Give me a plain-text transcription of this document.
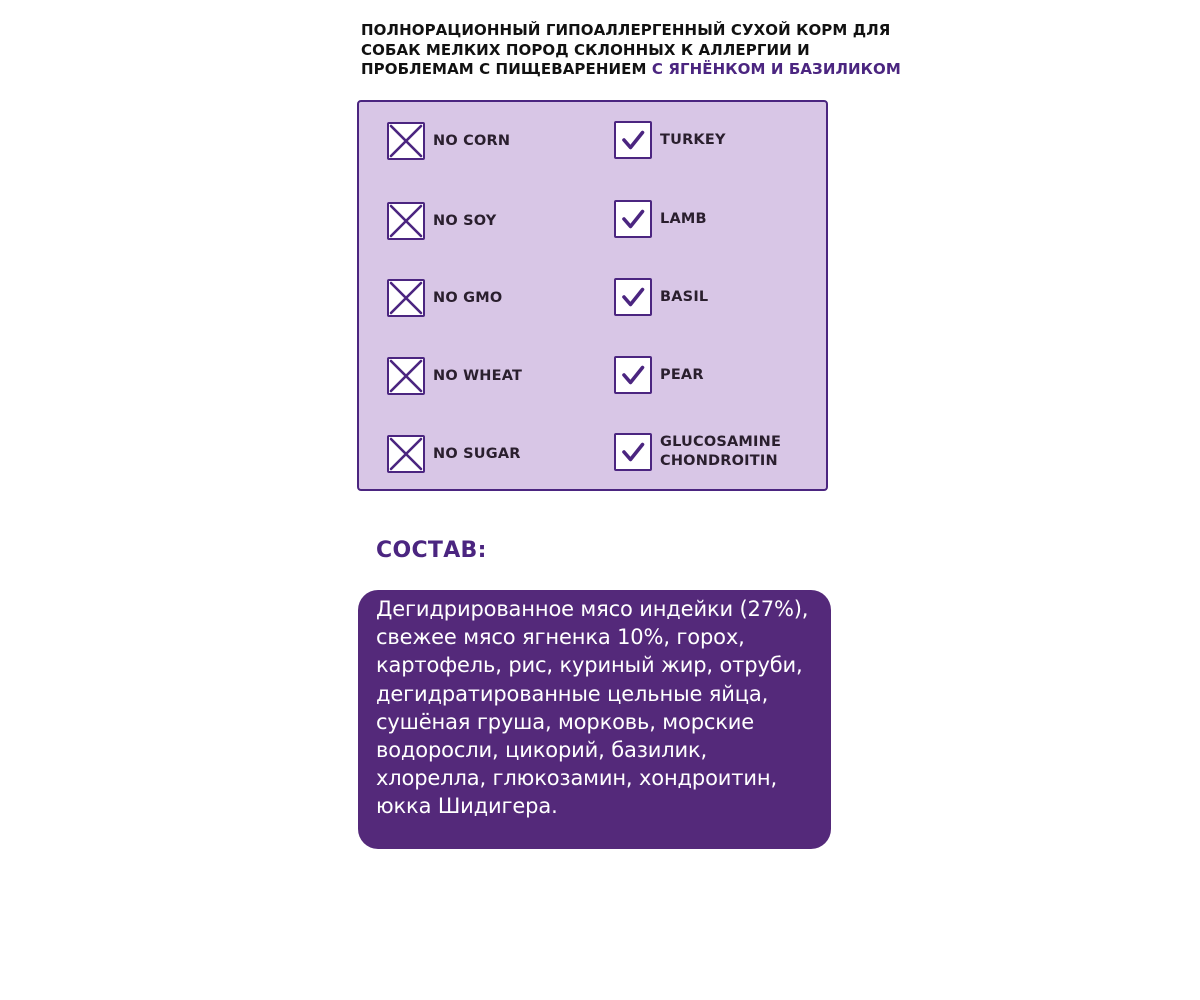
ПОЛНОРАЦИОННЫЙ ГИПОАЛЛЕРГЕННЫЙ СУХОЙ КОРМ ДЛЯ СОБАК МЕЛКИХ ПОРОД СКЛОННЫХ К АЛЛЕРГИИ И ПРОБЛЕМАМ С ПИЩЕВАРЕНИЕМ С ЯГНЁНКОМ И БАЗИЛИКОМ
NO CORN
NO SOY
NO GMO
NO WHEAT
NO SUGAR
TURKEY
LAMB
BASIL
PEAR
GLUCOSAMINE CHONDROITIN
СОСТАВ:
Дегидрированное мясо индейки (27%), свежее мясо ягненка 10%, горох, картофель, рис, куриный жир, отруби, дегидратированные цельные яйца, сушёная груша, морковь, морские водоросли, цикорий, базилик, хлорелла, глюкозамин, хондроитин, юкка Шидигера.
